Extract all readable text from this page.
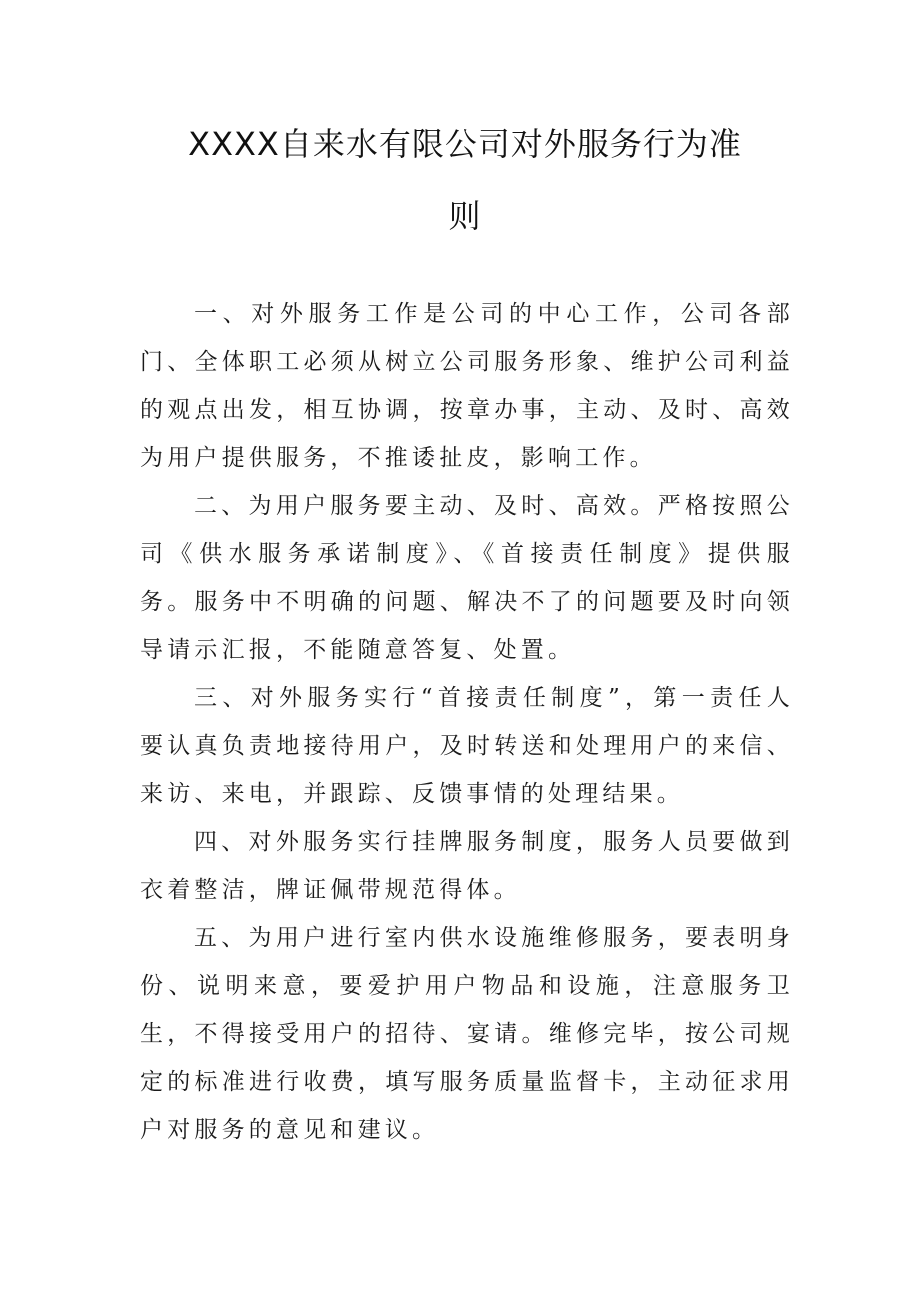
XXXX自来水有限公司对外服务行为准
则

一、对外服务工作是公司的中心工作，公司各部门、全体职工必须从树立公司服务形象、维护公司利益的观点出发，相互协调，按章办事，主动、及时、高效为用户提供服务，不推诿扯皮，影响工作。

二、为用户服务要主动、及时、高效。严格按照公司《供水服务承诺制度》、《首接责任制度》提供服务。服务中不明确的问题、解决不了的问题要及时向领导请示汇报，不能随意答复、处置。

三、对外服务实行“首接责任制度”，第一责任人要认真负责地接待用户，及时转送和处理用户的来信、来访、来电，并跟踪、反馈事情的处理结果。

四、对外服务实行挂牌服务制度，服务人员要做到衣着整洁，牌证佩带规范得体。

五、为用户进行室内供水设施维修服务，要表明身份、说明来意，要爱护用户物品和设施，注意服务卫生，不得接受用户的招待、宴请。维修完毕，按公司规定的标准进行收费，填写服务质量监督卡，主动征求用户对服务的意见和建议。
